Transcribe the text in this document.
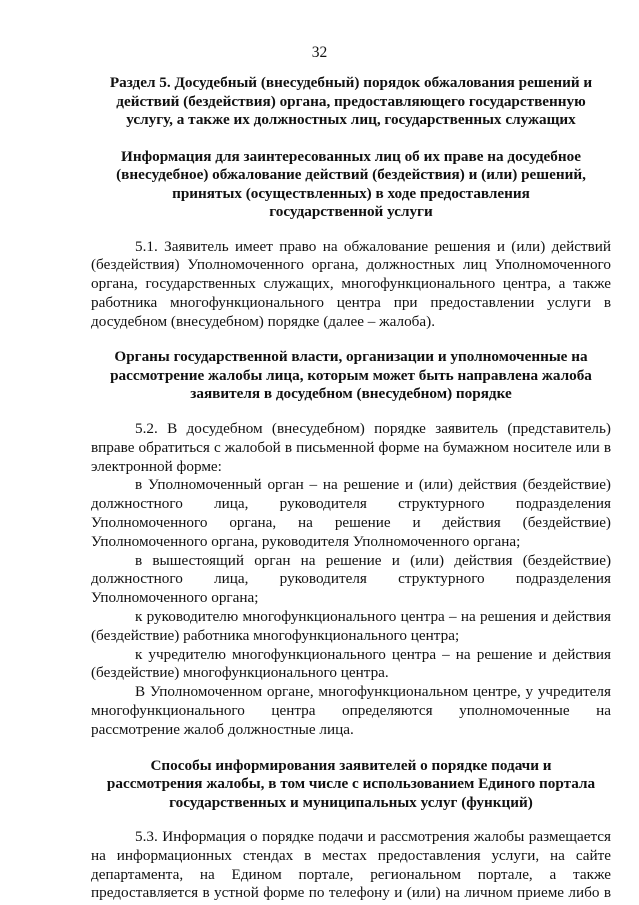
32
Раздел 5. Досудебный (внесудебный) порядок обжалования решений и
действий (бездействия) органа, предоставляющего государственную
услугу, а также их должностных лиц, государственных служащих
Информация для заинтересованных лиц об их праве на досудебное
(внесудебное) обжалование действий (бездействия) и (или) решений,
принятых (осуществленных) в ходе предоставления
государственной услуги
5.1. Заявитель имеет право на обжалование решения и (или) действий
(бездействия) Уполномоченного органа, должностных лиц Уполномоченного
органа, государственных служащих, многофункционального центра, а также
работника многофункционального центра при предоставлении услуги в
досудебном (внесудебном) порядке (далее – жалоба).
Органы государственной власти, организации и уполномоченные на
рассмотрение жалобы лица, которым может быть направлена жалоба
заявителя в досудебном (внесудебном) порядке
5.2. В досудебном (внесудебном) порядке заявитель (представитель)
вправе обратиться с жалобой в письменной форме на бумажном носителе или в
электронной форме:
в Уполномоченный орган – на решение и (или) действия (бездействие)
должностного лица, руководителя структурного подразделения
Уполномоченного органа, на решение и действия (бездействие)
Уполномоченного органа, руководителя Уполномоченного органа;
в вышестоящий орган на решение и (или) действия (бездействие)
должностного лица, руководителя структурного подразделения
Уполномоченного органа;
к руководителю многофункционального центра – на решения и действия
(бездействие) работника многофункционального центра;
к учредителю многофункционального центра – на решение и действия
(бездействие) многофункционального центра.
В Уполномоченном органе, многофункциональном центре, у учредителя
многофункционального центра определяются уполномоченные на
рассмотрение жалоб должностные лица.
Способы информирования заявителей о порядке подачи и
рассмотрения жалобы, в том числе с использованием Единого портала
государственных и муниципальных услуг (функций)
5.3. Информация о порядке подачи и рассмотрения жалобы размещается
на информационных стендах в местах предоставления услуги, на сайте
департамента, на Едином портале, региональном портале, а также
предоставляется в устной форме по телефону и (или) на личном приеме либо в
